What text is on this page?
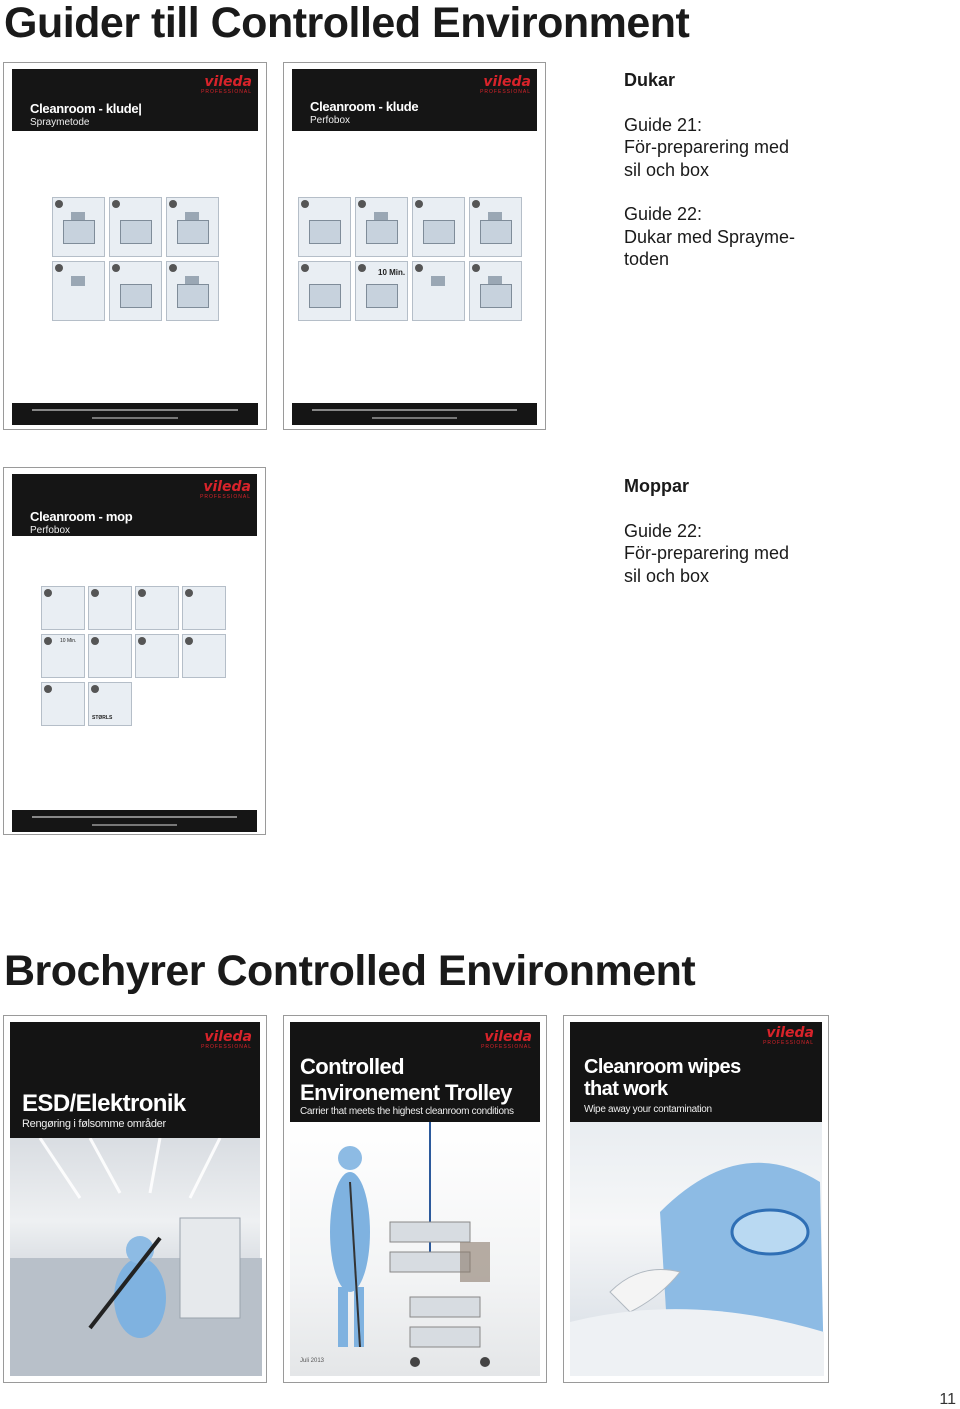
Guider till Controlled Environment
Cleanroom - klude|
Spraymetode
vileda
PROFESSIONAL
Cleanroom - klude
Perfobox
vileda
PROFESSIONAL
10 Min.
Dukar
Guide 21:
För-preparering med
sil och box
Guide 22:
Dukar med Sprayme-
toden
Cleanroom - mop
Perfobox
vileda
PROFESSIONAL
10 Min.
STØRLS
Moppar
Guide 22:
För-preparering med
sil och box
Brochyrer Controlled Environment
vileda
PROFESSIONAL
ESD/Elektronik
Rengøring i følsomme områder
vileda
PROFESSIONAL
Controlled
Environement Trolley
Carrier that meets the highest cleanroom conditions
Juli 2013
vileda
PROFESSIONAL
Cleanroom wipes
that work
Wipe away your contamination
11
